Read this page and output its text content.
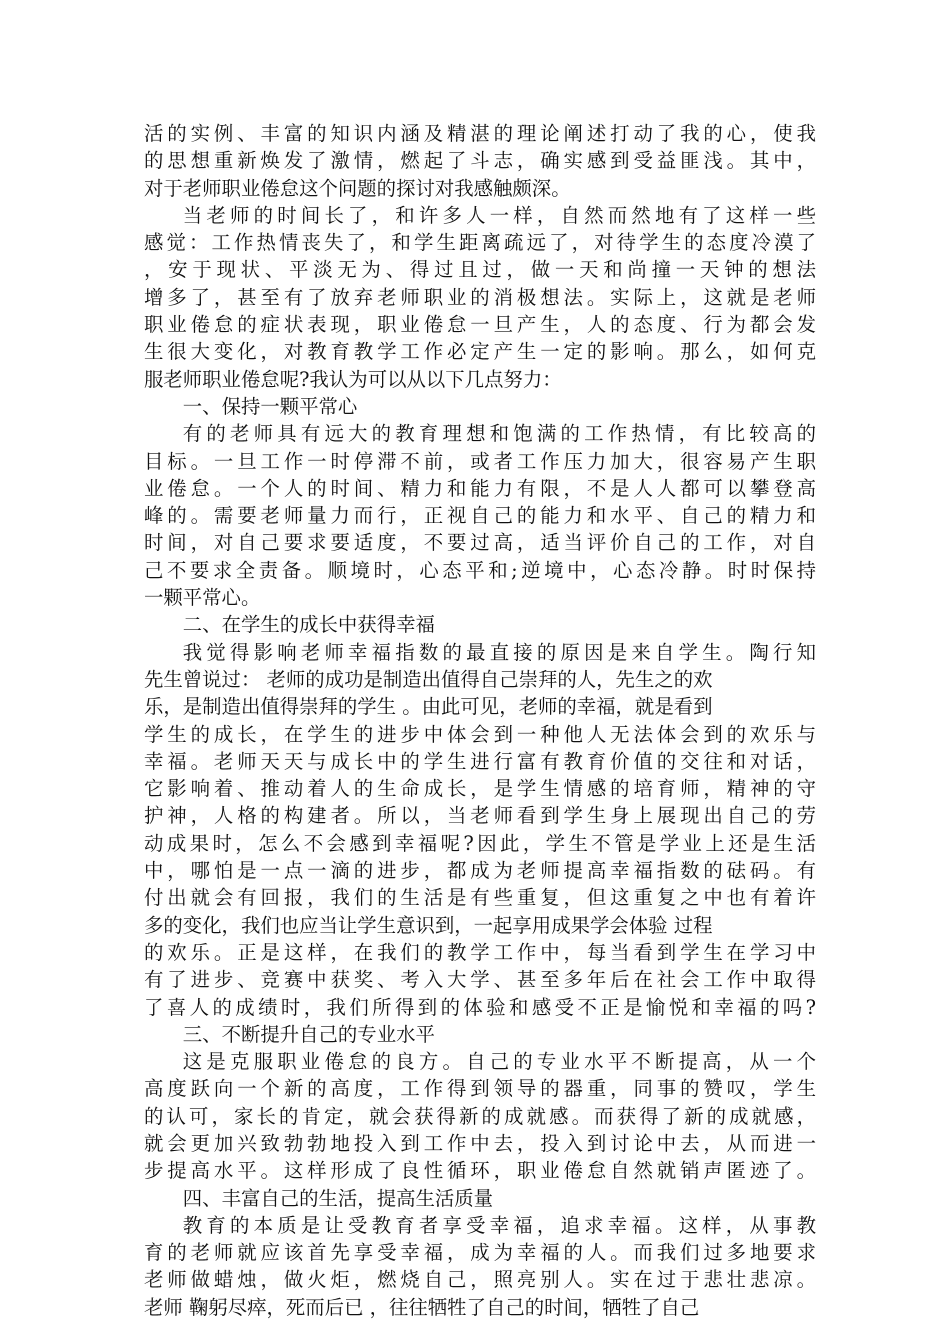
活的实例、丰富的知识内涵及精湛的理论阐述打动了我的心，使我
的思想重新焕发了激情，燃起了斗志，确实感到受益匪浅。其中，
对于老师职业倦怠这个问题的探讨对我感触颇深。
当老师的时间长了，和许多人一样，自然而然地有了这样一些
感觉：工作热情丧失了，和学生距离疏远了，对待学生的态度冷漠了
，安于现状、平淡无为、得过且过，做一天和尚撞一天钟的想法
增多了，甚至有了放弃老师职业的消极想法。实际上，这就是老师
职业倦怠的症状表现，职业倦怠一旦产生，人的态度、行为都会发
生很大变化，对教育教学工作必定产生一定的影响。那么，如何克
服老师职业倦怠呢?我认为可以从以下几点努力：
一、保持一颗平常心
有的老师具有远大的教育理想和饱满的工作热情，有比较高的
目标。一旦工作一时停滞不前，或者工作压力加大，很容易产生职
业倦怠。一个人的时间、精力和能力有限，不是人人都可以攀登高
峰的。需要老师量力而行，正视自己的能力和水平、自己的精力和
时间，对自己要求要适度，不要过高，适当评价自己的工作，对自
己不要求全责备。顺境时，心态平和;逆境中，心态冷静。时时保持
一颗平常心。
二、在学生的成长中获得幸福
我觉得影响老师幸福指数的最直接的原因是来自学生。陶行知
先生曾说过： 老师的成功是制造出值得自己崇拜的人，先生之的欢
乐，是制造出值得崇拜的学生 。由此可见，老师的幸福，就是看到
学生的成长，在学生的进步中体会到一种他人无法体会到的欢乐与
幸福。老师天天与成长中的学生进行富有教育价值的交往和对话，
它影响着、推动着人的生命成长，是学生情感的培育师，精神的守
护神，人格的构建者。所以，当老师看到学生身上展现出自己的劳
动成果时，怎么不会感到幸福呢?因此，学生不管是学业上还是生活
中，哪怕是一点一滴的进步，都成为老师提高幸福指数的砝码。有
付出就会有回报，我们的生活是有些重复，但这重复之中也有着许
多的变化，我们也应当让学生意识到，一起享用成果学会体验 过程
的欢乐。正是这样，在我们的教学工作中，每当看到学生在学习中
有了进步、竞赛中获奖、考入大学、甚至多年后在社会工作中取得
了喜人的成绩时，我们所得到的体验和感受不正是愉悦和幸福的吗?
三、不断提升自己的专业水平
这是克服职业倦怠的良方。自己的专业水平不断提高，从一个
高度跃向一个新的高度，工作得到领导的器重，同事的赞叹，学生
的认可，家长的肯定，就会获得新的成就感。而获得了新的成就感，
就会更加兴致勃勃地投入到工作中去，投入到讨论中去，从而进一
步提高水平。这样形成了良性循环，职业倦怠自然就销声匿迹了。
四、丰富自己的生活，提高生活质量
教育的本质是让受教育者享受幸福，追求幸福。这样，从事教
育的老师就应该首先享受幸福，成为幸福的人。而我们过多地要求
老师做蜡烛，做火炬，燃烧自己，照亮别人。实在过于悲壮悲凉。
老师 鞠躬尽瘁，死而后已 ，往往牺牲了自己的时间，牺牲了自己
